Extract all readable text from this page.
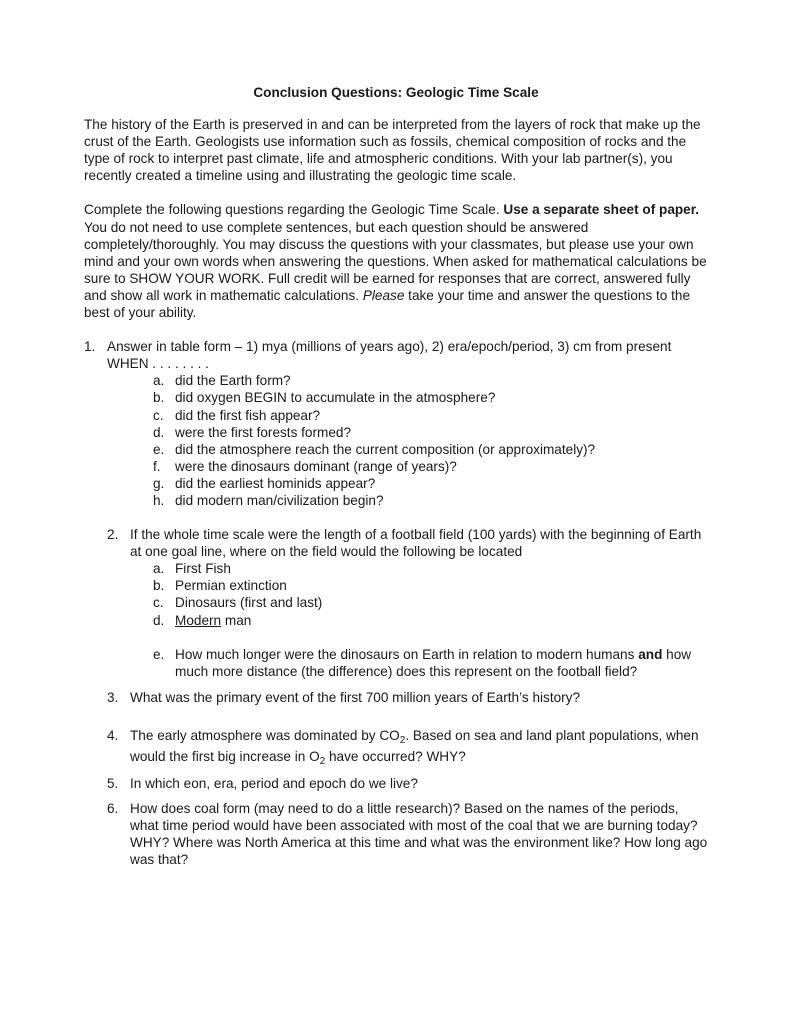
Conclusion Questions: Geologic Time Scale

The history of the Earth is preserved in and can be interpreted from the layers of rock that make up the crust of the Earth. Geologists use information such as fossils, chemical composition of rocks and the type of rock to interpret past climate, life and atmospheric conditions. With your lab partner(s), you recently created a timeline using and illustrating the geologic time scale.

Complete the following questions regarding the Geologic Time Scale. Use a separate sheet of paper. You do not need to use complete sentences, but each question should be answered completely/thoroughly. You may discuss the questions with your classmates, but please use your own mind and your own words when answering the questions. When asked for mathematical calculations be sure to SHOW YOUR WORK. Full credit will be earned for responses that are correct, answered fully and show all work in mathematic calculations. Please take your time and answer the questions to the best of your ability.

1. Answer in table form – 1) mya (millions of years ago), 2) era/epoch/period, 3) cm from present WHEN . . . . . . . .
a. did the Earth form?
b. did oxygen BEGIN to accumulate in the atmosphere?
c. did the first fish appear?
d. were the first forests formed?
e. did the atmosphere reach the current composition (or approximately)?
f. were the dinosaurs dominant (range of years)?
g. did the earliest hominids appear?
h. did modern man/civilization begin?
2. If the whole time scale were the length of a football field (100 yards) with the beginning of Earth at one goal line, where on the field would the following be located
a. First Fish
b. Permian extinction
c. Dinosaurs (first and last)
d. Modern man
e. How much longer were the dinosaurs on Earth in relation to modern humans and how much more distance (the difference) does this represent on the football field?
3. What was the primary event of the first 700 million years of Earth’s history?
4. The early atmosphere was dominated by $CO_2$. Based on sea and land plant populations, when would the first big increase in $O_2$ have occurred? WHY?
5. In which eon, era, period and epoch do we live?
6. How does coal form (may need to do a little research)? Based on the names of the periods, what time period would have been associated with most of the coal that we are burning today? WHY? Where was North America at this time and what was the environment like? How long ago was that?
